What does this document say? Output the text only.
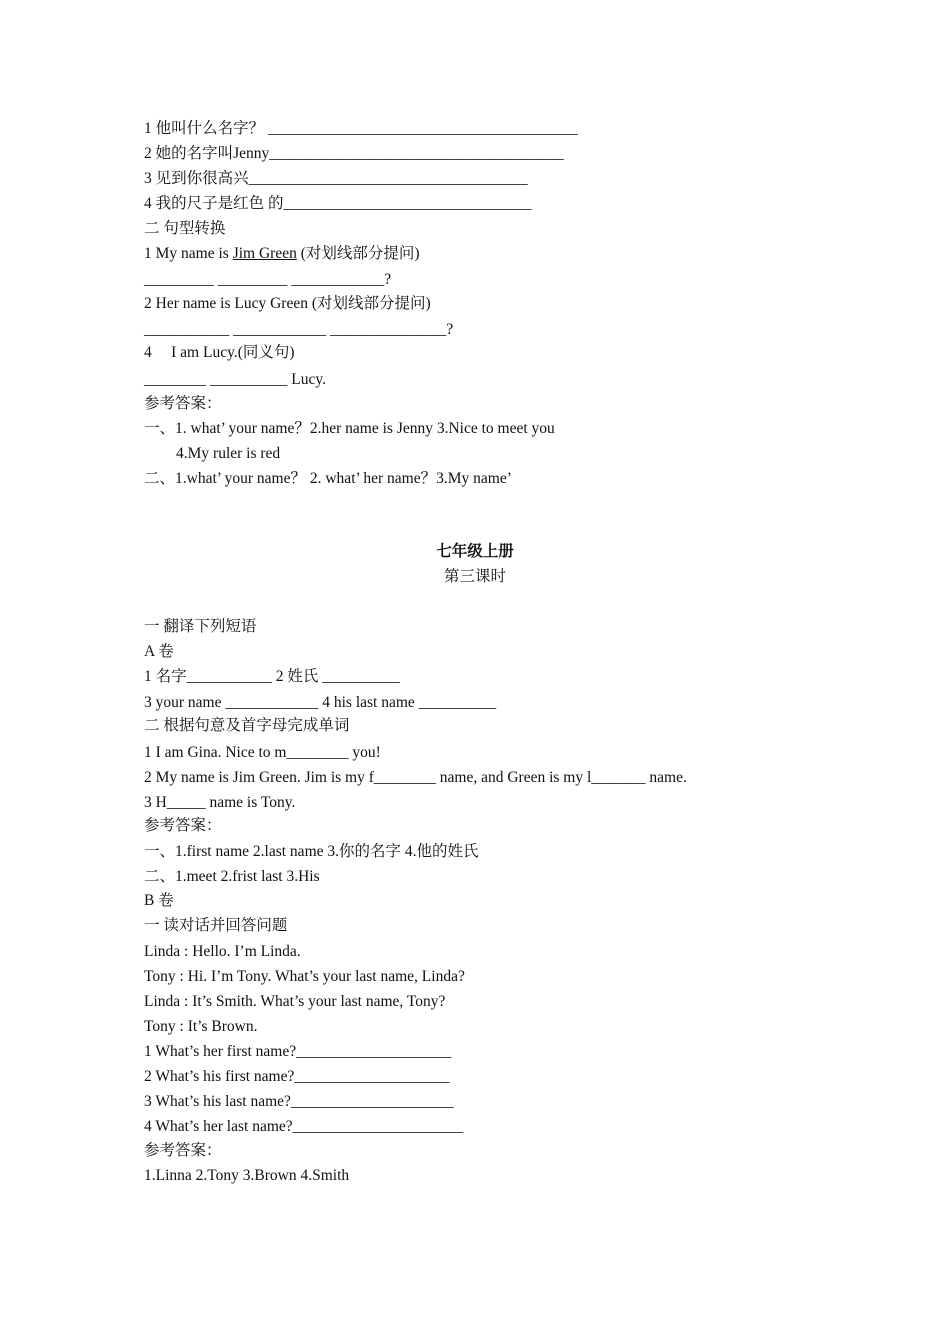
1 他叫什么名字？ ________________________________________
2 她的名字叫Jenny______________________________________
3 见到你很高兴____________________________________
4 我的尺子是红色 的________________________________
二 句型转换
1 My name is Jim Green (对划线部分提问)
_________ _________ ____________?
2 Her name is Lucy Green (对划线部分提问)
___________ ____________ _______________?
4     I am Lucy.(同义句)
________ __________ Lucy.
参考答案：
一、1. what’ your name？2.her name is Jenny 3.Nice to meet you
4.My ruler is red
二、1.what’ your name？ 2. what’ her name？3.My name’
七年级上册
第三课时
一 翻译下列短语
A 卷
1 名字___________ 2 姓氏 __________
3 your name ____________ 4 his last name __________
二 根据句意及首字母完成单词
1 I am Gina. Nice to m________ you!
2 My name is Jim Green. Jim is my f________ name, and Green is my l_______ name.
3 H_____ name is Tony.
参考答案：
一、1.first name 2.last name 3.你的名字 4.他的姓氏
二、1.meet 2.frist last 3.His
B 卷
一 读对话并回答问题
Linda : Hello. I’m Linda.
Tony : Hi. I’m Tony. What’s your last name, Linda?
Linda : It’s Smith. What’s your last name, Tony?
Tony : It’s Brown.
1 What’s her first name?____________________
2 What’s his first name?____________________
3 What’s his last name?_____________________
4 What’s her last name?______________________
参考答案：
1.Linna 2.Tony 3.Brown 4.Smith
